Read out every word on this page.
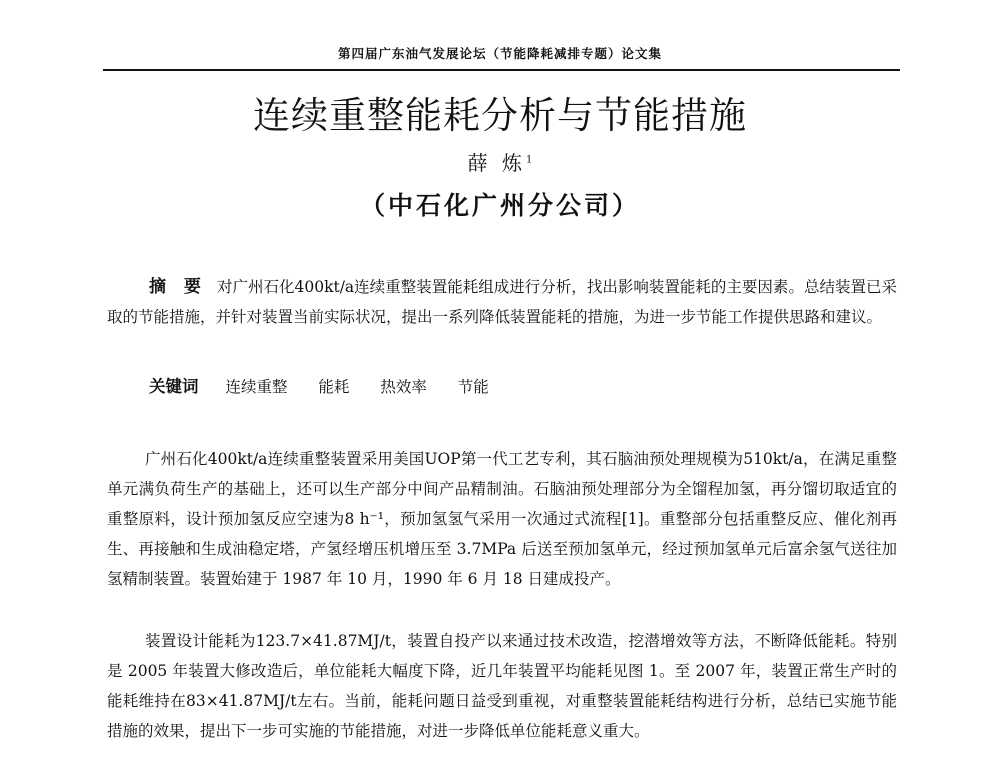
第四届广东油气发展论坛（节能降耗减排专题）论文集
连续重整能耗分析与节能措施
薛 炼$^1$
（中石化广州分公司）

摘 要 对广州石化400kt/a连续重整装置能耗组成进行分析，找出影响装置能耗的主要因素。总结装置已采取的节能措施，并针对装置当前实际状况，提出一系列降低装置能耗的措施，为进一步节能工作提供思路和建议。

关键词 连续重整 能耗 热效率 节能

广州石化400kt/a连续重整装置采用美国UOP第一代工艺专利，其石脑油预处理规模为510kt/a，在满足重整单元满负荷生产的基础上，还可以生产部分中间产品精制油。石脑油预处理部分为全馏程加氢，再分馏切取适宜的重整原料，设计预加氢反应空速为8 h⁻¹，预加氢氢气采用一次通过式流程[1]。重整部分包括重整反应、催化剂再生、再接触和生成油稳定塔，产氢经增压机增压至 3.7MPa 后送至预加氢单元，经过预加氢单元后富余氢气送往加氢精制装置。装置始建于 1987 年 10 月，1990 年 6 月 18 日建成投产。

装置设计能耗为123.7×41.87MJ/t，装置自投产以来通过技术改造，挖潜增效等方法，不断降低能耗。特别是 2005 年装置大修改造后，单位能耗大幅度下降，近几年装置平均能耗见图 1。至 2007 年，装置正常生产时的能耗维持在83×41.87MJ/t左右。当前，能耗问题日益受到重视，对重整装置能耗结构进行分析，总结已实施节能措施的效果，提出下一步可实施的节能措施，对进一步降低单位能耗意义重大。
